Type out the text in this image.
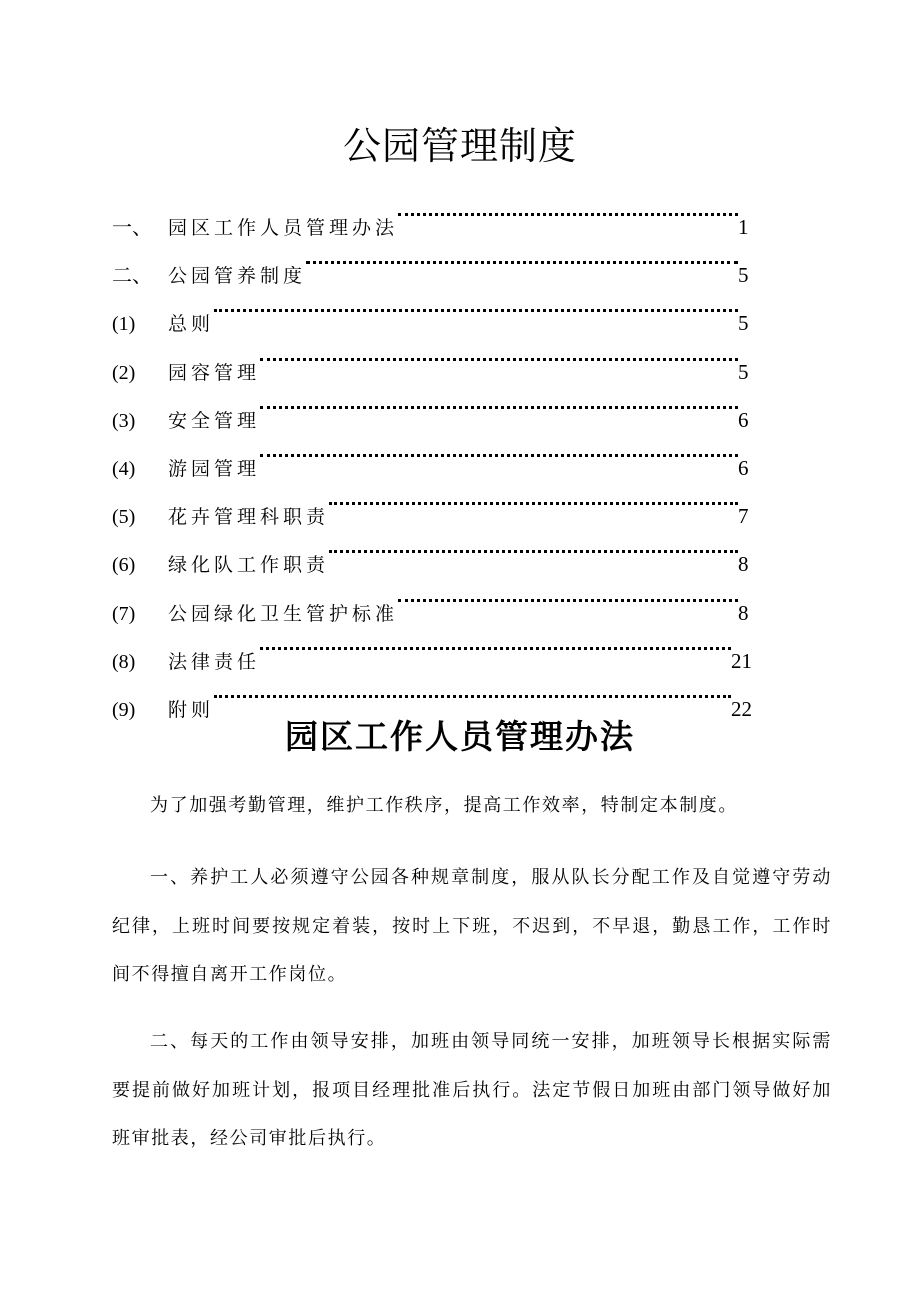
公园管理制度
一、 园区工作人员管理办法	1
二、 公园管养制度	5
(1)	总则	5
(2)	园容管理	5
(3)	安全管理	6
(4)	游园管理	6
(5)	花卉管理科职责	7
(6)	绿化队工作职责	8
(7)	公园绿化卫生管护标准	8
(8)	法律责任	21
(9)	附则	22
园区工作人员管理办法

为了加强考勤管理，维护工作秩序，提高工作效率，特制定本制度。

一、养护工人必须遵守公园各种规章制度，服从队长分配工作及自觉遵守劳动纪律，上班时间要按规定着装，按时上下班，不迟到，不早退，勤恳工作，工作时间不得擅自离开工作岗位。

二、每天的工作由领导安排，加班由领导同统一安排，加班领导长根据实际需要提前做好加班计划，报项目经理批准后执行。法定节假日加班由部门领导做好加班审批表，经公司审批后执行。
